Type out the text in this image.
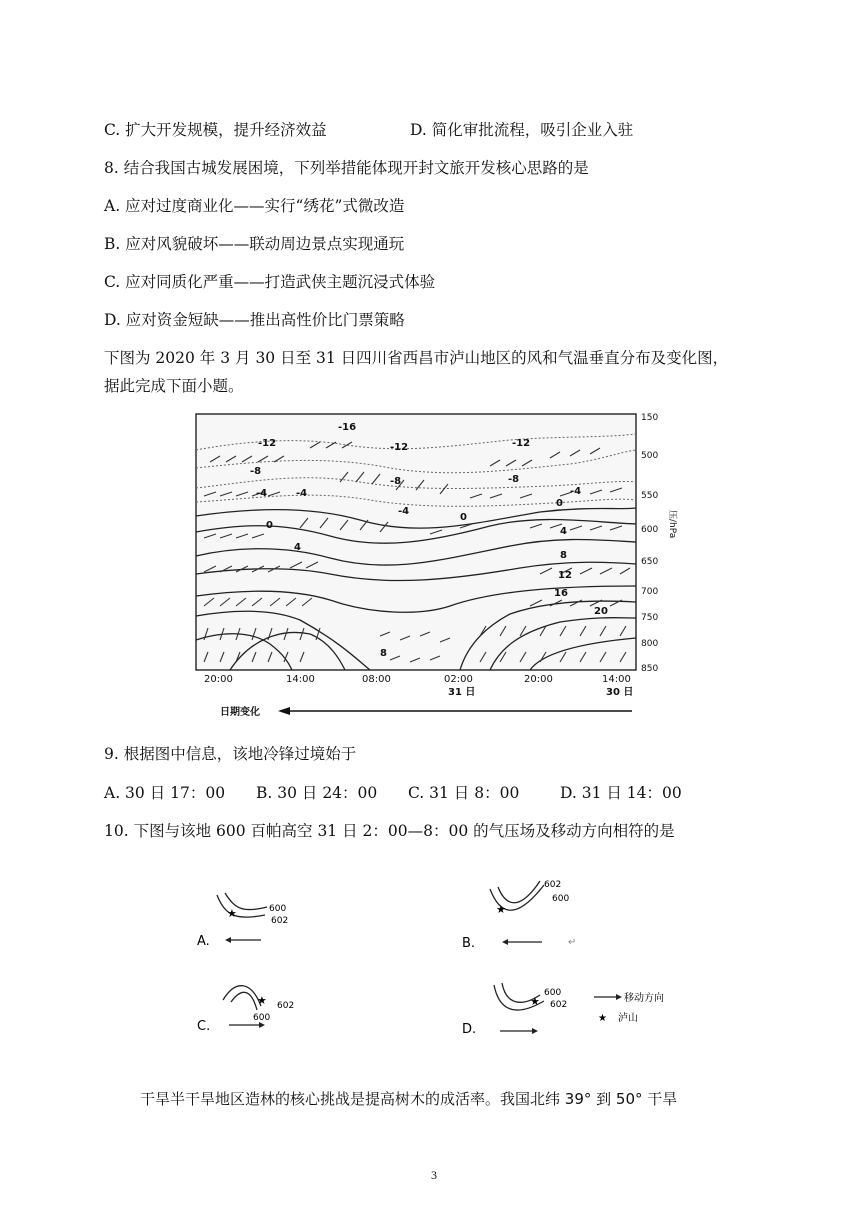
C. 扩大开发规模，提升经济效益	D. 简化审批流程，吸引企业入驻
8. 结合我国古城发展困境，下列举措能体现开封文旅开发核心思路的是
A. 应对过度商业化——实行“绣花”式微改造
B. 应对风貌破坏——联动周边景点实现通玩
C. 应对同质化严重——打造武侠主题沉浸式体验
D. 应对资金短缺——推出高性价比门票策略
下图为 2020 年 3 月 30 日至 31 日四川省西昌市泸山地区的风和气温垂直分布及变化图，
据此完成下面小题。
-16
-12	-12	-12
-8
-8	-8
-4	-4
-4
-4
0
0
0
4
4
8
8
12
16
20
150
500
550
600
650
700
750
800
850
压/hPa
20:00	14:00	08:00	02:00	20:00	14:00
31 日	30 日
日期变化
9. 根据图中信息，该地冷锋过境始于
A. 30 日 17：00 B. 30 日 24：00 C. 31 日 8：00	D. 31 日 14：00
10. 下图与该地 600 百帕高空 31 日 2：00—8：00 的气压场及移动方向相符的是
A.
★	600
602
B.
★
602
600
↵
C.
★ 602
600
D.
★
600
602
移动方向
★ 泸山
干旱半干旱地区造林的核心挑战是提高树木的成活率。我国北纬 39° 到 50° 干旱
3
